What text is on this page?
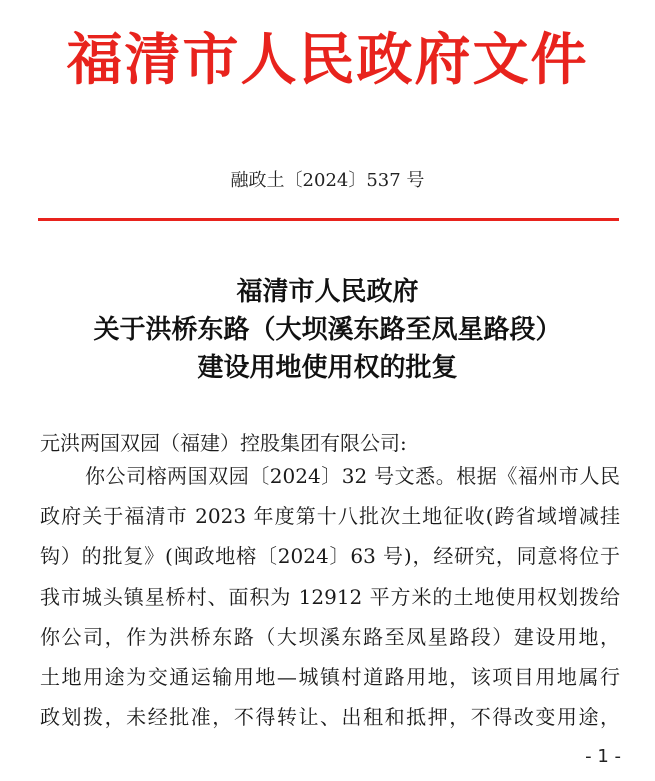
福清市人民政府文件
融政土〔2024〕537 号
福清市人民政府
关于洪桥东路（大坝溪东路至凤星路段）
建设用地使用权的批复
元洪两国双园（福建）控股集团有限公司:
你公司榕两国双园〔2024〕32 号文悉。根据《福州市人民
政府关于福清市 2023 年度第十八批次土地征收(跨省域增减挂
钩）的批复》(闽政地榕〔2024〕63 号)，经研究，同意将位于
我市城头镇星桥村、面积为 12912 平方米的土地使用权划拨给
你公司，作为洪桥东路（大坝溪东路至凤星路段）建设用地，
土地用途为交通运输用地—城镇村道路用地，该项目用地属行
政划拨，未经批准，不得转让、出租和抵押，不得改变用途，
- 1 -
